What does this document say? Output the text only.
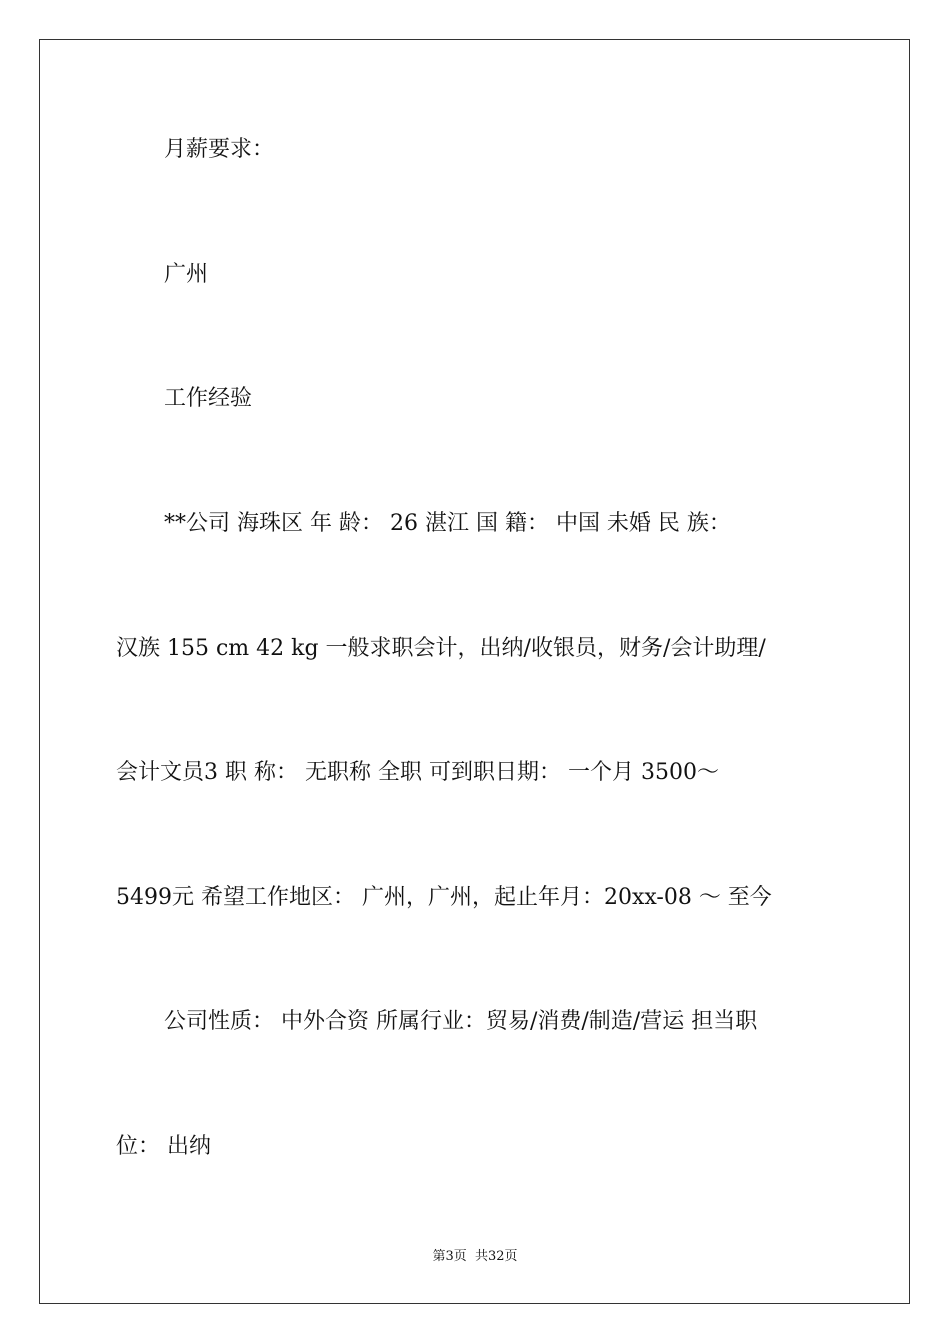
月薪要求：
广州
工作经验
**公司 海珠区 年 龄： 26 湛江 国 籍： 中国 未婚 民 族：
汉族 155 cm 42 kg 一般求职会计，出纳/收银员，财务/会计助理/
会计文员3 职 称： 无职称 全职 可到职日期： 一个月 3500～
5499元 希望工作地区： 广州，广州，起止年月：20xx-08 ～ 至今
公司性质： 中外合资 所属行业：贸易/消费/制造/营运 担当职
位： 出纳
第3页  共32页
